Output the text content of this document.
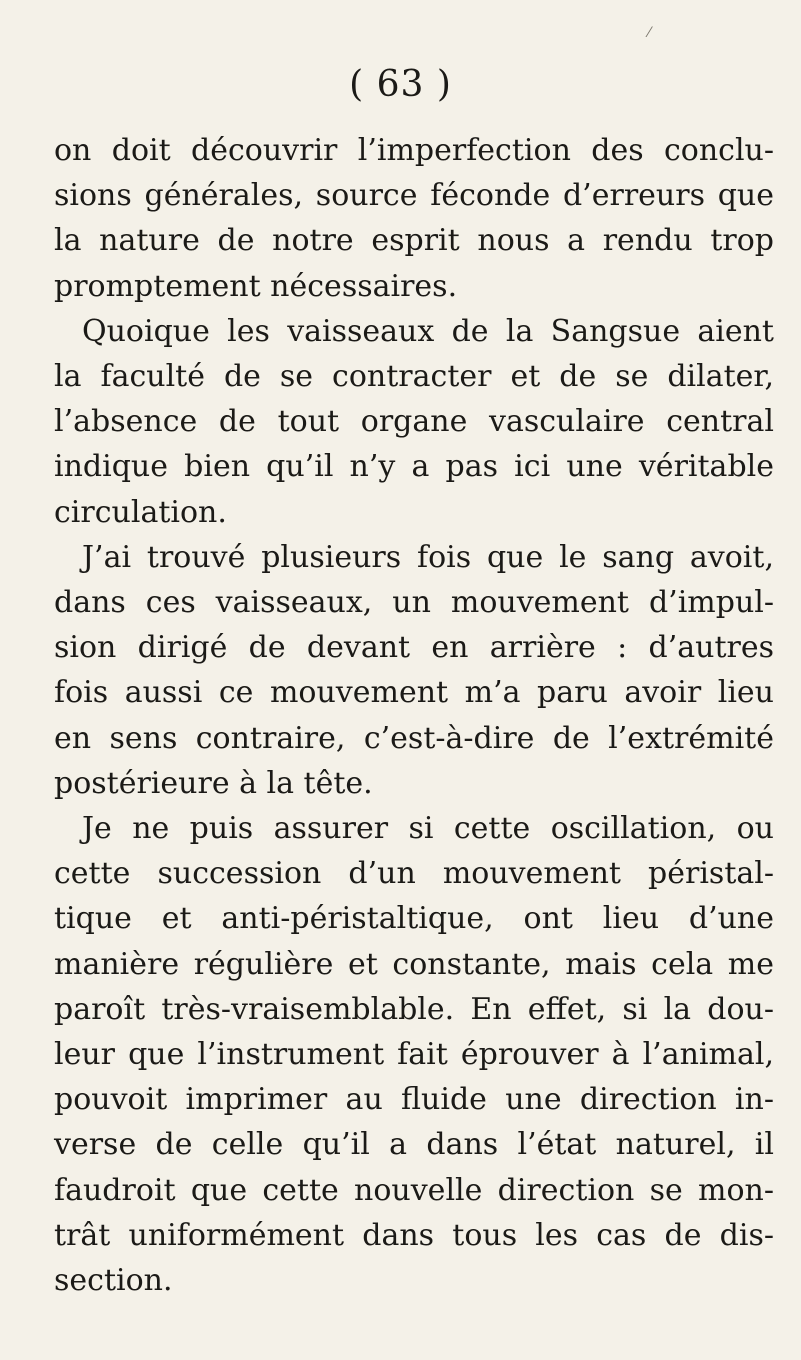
⁄
( 63 )
on doit découvrir l’imperfection des conclu-
sions générales, source féconde d’erreurs que
la nature de notre esprit nous a rendu trop
promptement nécessaires.
Quoique les vaisseaux de la Sangsue aient
la faculté de se contracter et de se dilater,
l’absence de tout organe vasculaire central
indique bien qu’il n’y a pas ici une véritable
circulation.
J’ai trouvé plusieurs fois que le sang avoit,
dans ces vaisseaux, un mouvement d’impul-
sion dirigé de devant en arrière : d’autres
fois aussi ce mouvement m’a paru avoir lieu
en sens contraire, c’est-à-dire de l’extrémité
postérieure à la tête.
Je ne puis assurer si cette oscillation, ou
cette succession d’un mouvement péristal-
tique et anti-péristaltique, ont lieu d’une
manière régulière et constante, mais cela me
paroît très-vraisemblable. En effet, si la dou-
leur que l’instrument fait éprouver à l’animal,
pouvoit imprimer au fluide une direction in-
verse de celle qu’il a dans l’état naturel, il
faudroit que cette nouvelle direction se mon-
trât uniformément dans tous les cas de dis-
section.
